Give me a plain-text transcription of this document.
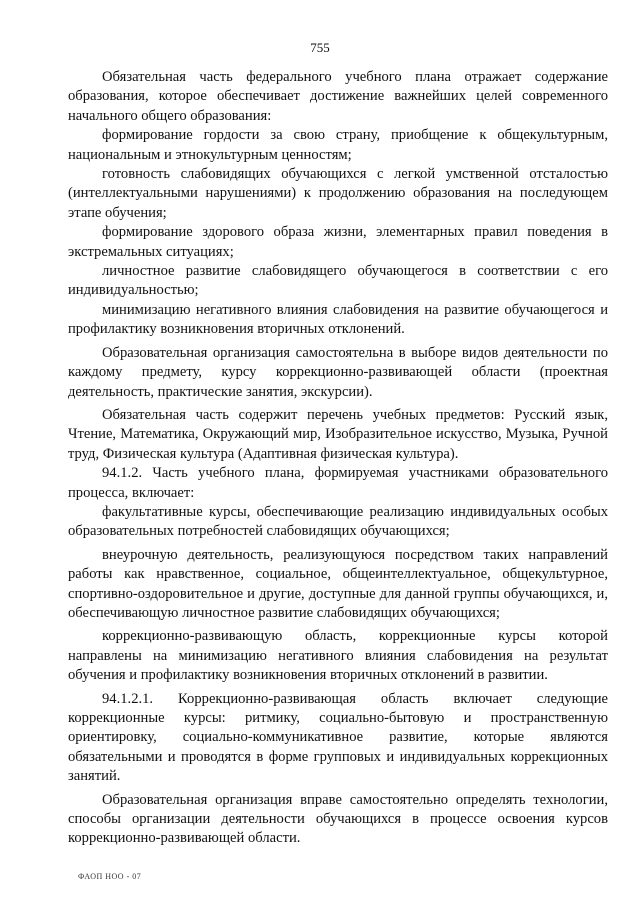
755

Обязательная часть федерального учебного плана отражает содержание образования, которое обеспечивает достижение важнейших целей современного начального общего образования:

формирование гордости за свою страну, приобщение к общекультурным, национальным и этнокультурным ценностям;

готовность слабовидящих обучающихся с легкой умственной отсталостью (интеллектуальными нарушениями) к продолжению образования на последующем этапе обучения;

формирование здорового образа жизни, элементарных правил поведения в экстремальных ситуациях;

личностное развитие слабовидящего обучающегося в соответствии с его индивидуальностью;

минимизацию негативного влияния слабовидения на развитие обучающегося и профилактику возникновения вторичных отклонений.

Образовательная организация самостоятельна в выборе видов деятельности по каждому предмету, курсу коррекционно-развивающей области (проектная деятельность, практические занятия, экскурсии).

Обязательная часть содержит перечень учебных предметов: Русский язык, Чтение, Математика, Окружающий мир, Изобразительное искусство, Музыка, Ручной труд, Физическая культура (Адаптивная физическая культура).

94.1.2. Часть учебного плана, формируемая участниками образовательного процесса, включает:

факультативные курсы, обеспечивающие реализацию индивидуальных особых образовательных потребностей слабовидящих обучающихся;

внеурочную деятельность, реализующуюся посредством таких направлений работы как нравственное, социальное, общеинтеллектуальное, общекультурное, спортивно-оздоровительное и другие, доступные для данной группы обучающихся, и, обеспечивающую личностное развитие слабовидящих обучающихся;

коррекционно-развивающую область, коррекционные курсы которой направлены на минимизацию негативного влияния слабовидения на результат обучения и профилактику возникновения вторичных отклонений в развитии.

94.1.2.1. Коррекционно-развивающая область включает следующие коррекционные курсы: ритмику, социально-бытовую и пространственную ориентировку, социально-коммуникативное развитие, которые являются обязательными и проводятся в форме групповых и индивидуальных коррекционных занятий.

Образовательная организация вправе самостоятельно определять технологии, способы организации деятельности обучающихся в процессе освоения курсов коррекционно-развивающей области.

ФАОП НОО - 07
